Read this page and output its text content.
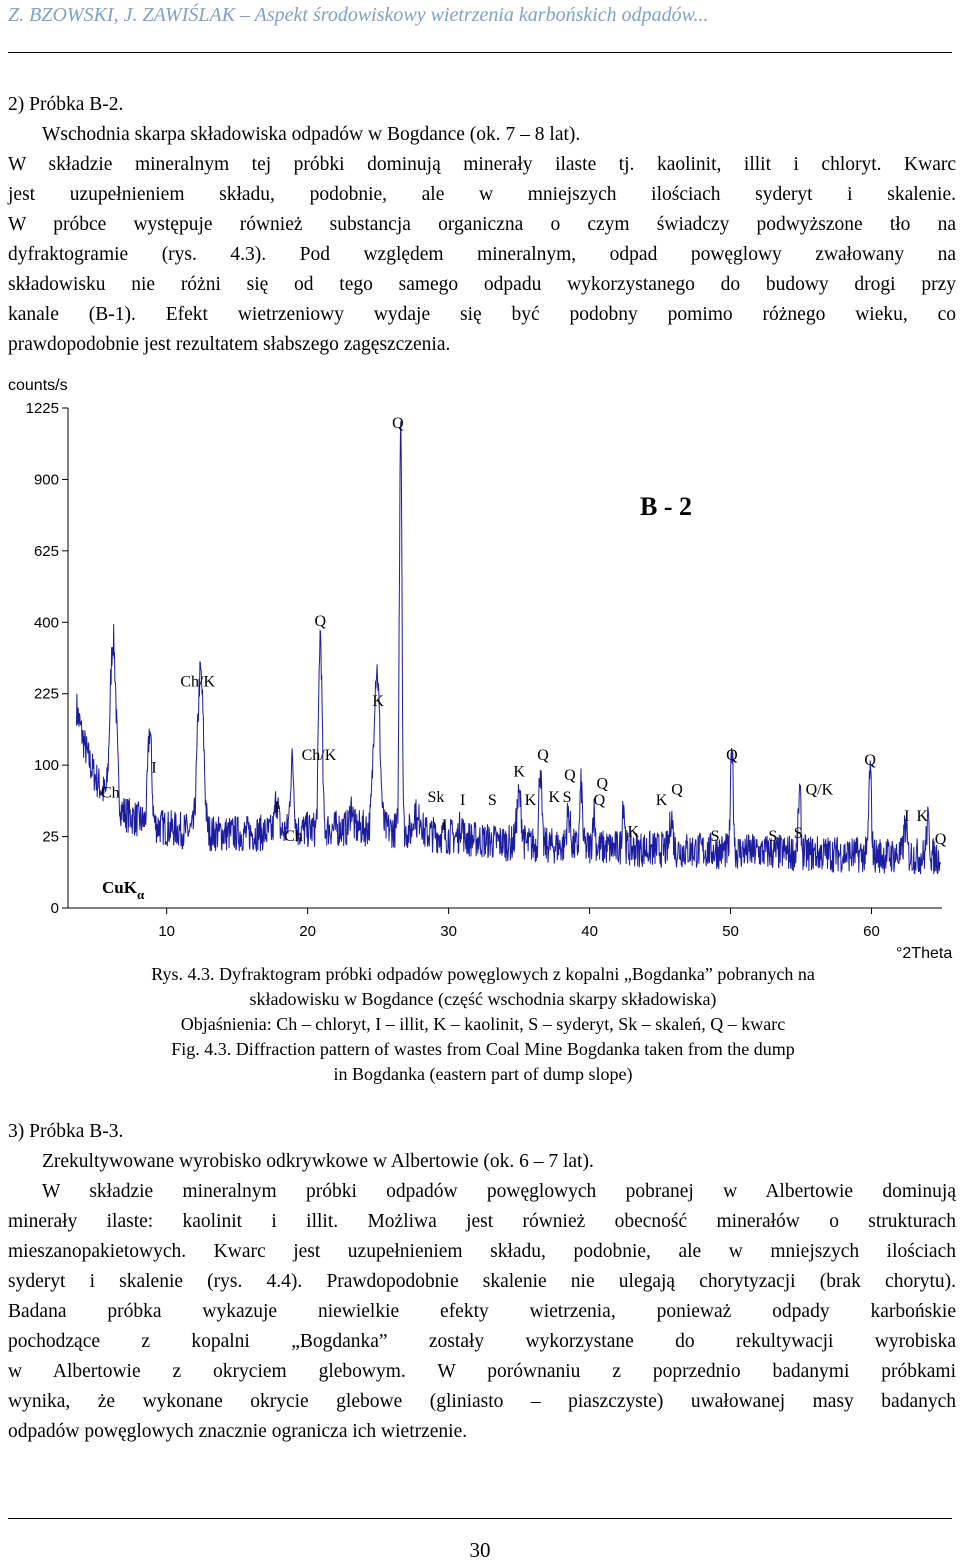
Z. BZOWSKI, J. ZAWIŚLAK – Aspekt środowiskowy wietrzenia karbońskich odpadów...
2) Próbka B-2.
Wschodnia skarpa składowiska odpadów w Bogdance (ok. 7 – 8 lat).
W składzie mineralnym tej próbki dominują minerały ilaste tj. kaolinit, illit i chloryt. Kwarc
jest uzupełnieniem składu, podobnie, ale w mniejszych ilościach syderyt i skalenie.
W próbce występuje również substancja organiczna o czym świadczy podwyższone tło na
dyfraktogramie (rys. 4.3). Pod względem mineralnym, odpad powęglowy zwałowany na
składowisku nie różni się od tego samego odpadu wykorzystanego do budowy drogi przy
kanale (B-1). Efekt wietrzeniowy wydaje się być podobny pomimo różnego wieku, co
prawdopodobnie jest rezultatem słabszego zagęszczenia.
0
25
100
225
400
625
900
1225
10	20	30	40	50	60
Q
Ch/K
Q
K
Ch/K	Q	Q	Q
I	K Q
Ch	Sk I S K K S
Q
K
Q	Q/K
Q
I
I
I K
K
Ch	S	S S	Q
counts/s
°2Theta
B - 2
CuK$_\alpha$
Rys. 4.3. Dyfraktogram próbki odpadów powęglowych z kopalni „Bogdanka” pobranych na
składowisku w Bogdance (część wschodnia skarpy składowiska)
Objaśnienia: Ch – chloryt, I – illit, K – kaolinit, S – syderyt, Sk – skaleń, Q – kwarc
Fig. 4.3. Diffraction pattern of wastes from Coal Mine Bogdanka taken from the dump
in Bogdanka (eastern part of dump slope)
3) Próbka B-3.
Zrekultywowane wyrobisko odkrywkowe w Albertowie (ok. 6 – 7 lat).
W składzie mineralnym próbki odpadów powęglowych pobranej w Albertowie dominują
minerały ilaste: kaolinit i illit. Możliwa jest również obecność minerałów o strukturach
mieszanopakietowych. Kwarc jest uzupełnieniem składu, podobnie, ale w mniejszych ilościach
syderyt i skalenie (rys. 4.4). Prawdopodobnie skalenie nie ulegają chorytyzacji (brak chorytu).
Badana próbka wykazuje niewielkie efekty wietrzenia, ponieważ odpady karbońskie
pochodzące z kopalni „Bogdanka” zostały wykorzystane do rekultywacji wyrobiska
w Albertowie z okryciem glebowym. W porównaniu z poprzednio badanymi próbkami
wynika, że wykonane okrycie glebowe (gliniasto – piaszczyste) uwałowanej masy badanych
odpadów powęglowych znacznie ogranicza ich wietrzenie.
30
